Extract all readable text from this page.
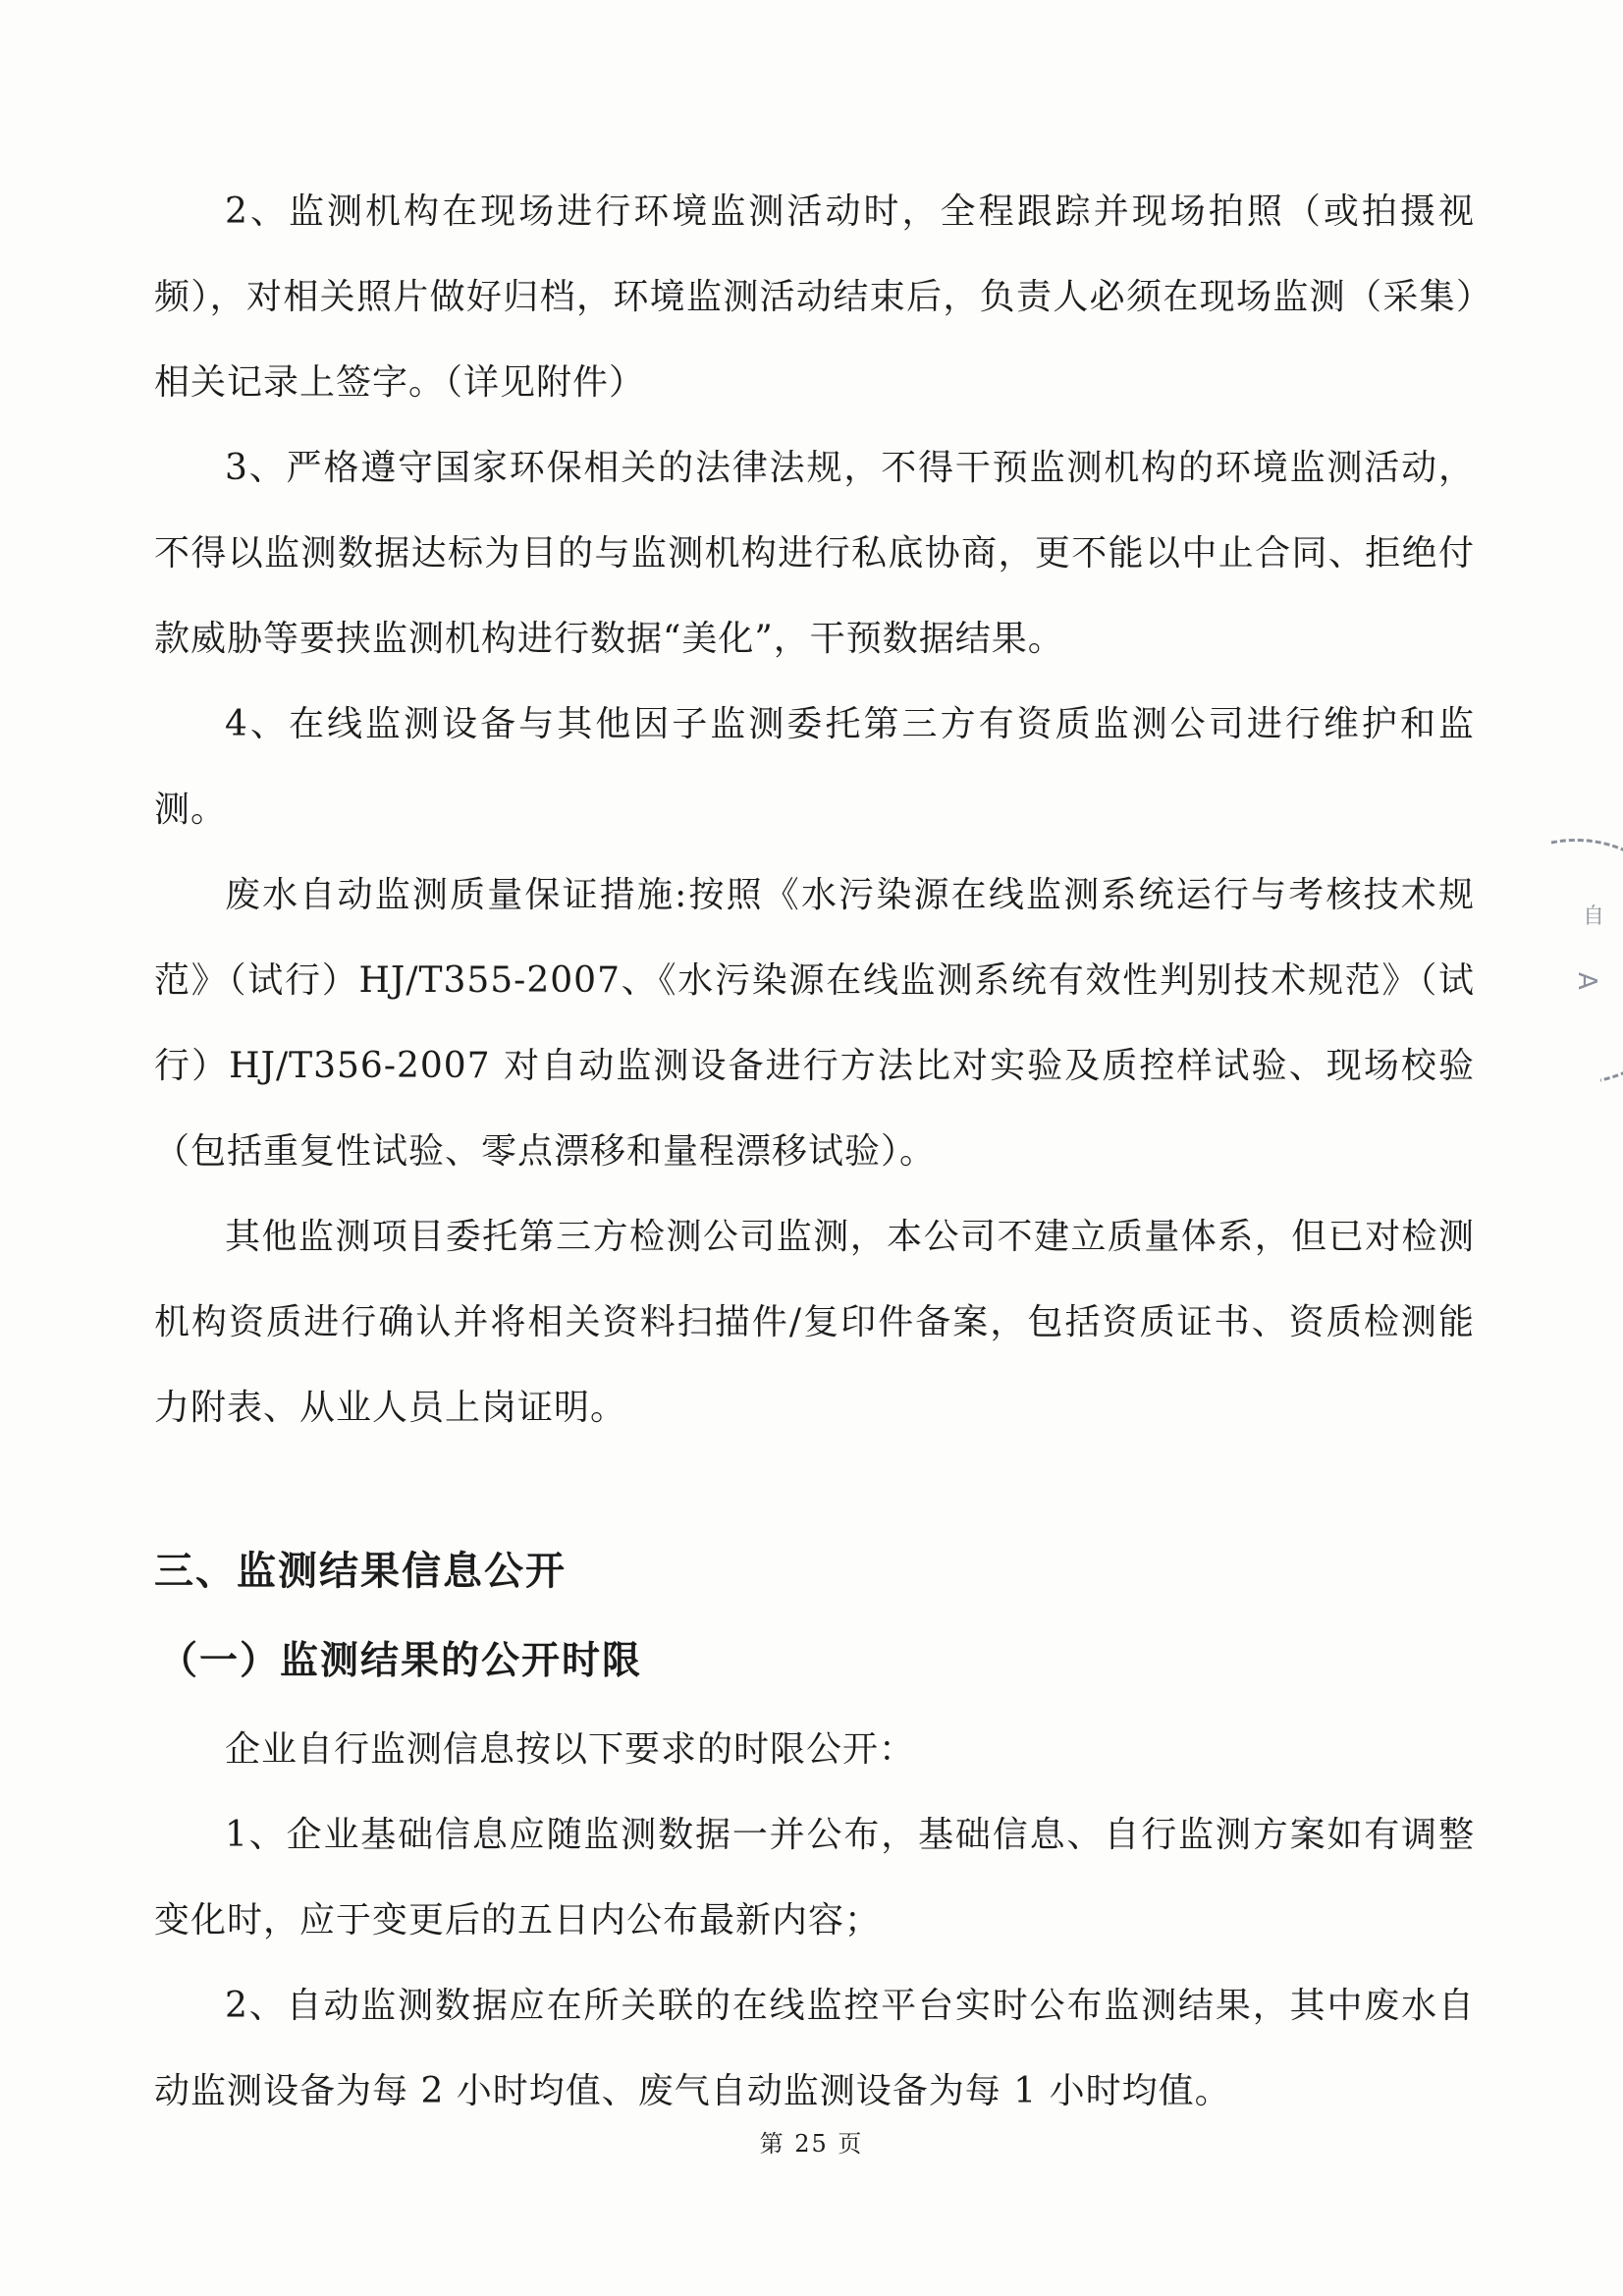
2、监测机构在现场进行环境监测活动时，全程跟踪并现场拍照（或拍摄视频），对相关照片做好归档，环境监测活动结束后，负责人必须在现场监测（采集）相关记录上签字。（详见附件）

3、严格遵守国家环保相关的法律法规，不得干预监测机构的环境监测活动，不得以监测数据达标为目的与监测机构进行私底协商，更不能以中止合同、拒绝付款威胁等要挟监测机构进行数据“美化”，干预数据结果。

4、在线监测设备与其他因子监测委托第三方有资质监测公司进行维护和监测。

废水自动监测质量保证措施:按照《水污染源在线监测系统运行与考核技术规范》（试行）HJ/T355-2007、《水污染源在线监测系统有效性判别技术规范》（试行）HJ/T356-2007 对自动监测设备进行方法比对实验及质控样试验、现场校验（包括重复性试验、零点漂移和量程漂移试验）。

其他监测项目委托第三方检测公司监测，本公司不建立质量体系，但已对检测机构资质进行确认并将相关资料扫描件/复印件备案，包括资质证书、资质检测能力附表、从业人员上岗证明。

三、监测结果信息公开
（一）监测结果的公开时限

企业自行监测信息按以下要求的时限公开：

1、企业基础信息应随监测数据一并公布，基础信息、自行监测方案如有调整变化时，应于变更后的五日内公布最新内容；

2、自动监测数据应在所关联的在线监控平台实时公布监测结果，其中废水自动监测设备为每 2 小时均值、废气自动监测设备为每 1 小时均值。

第 25 页
自
A
